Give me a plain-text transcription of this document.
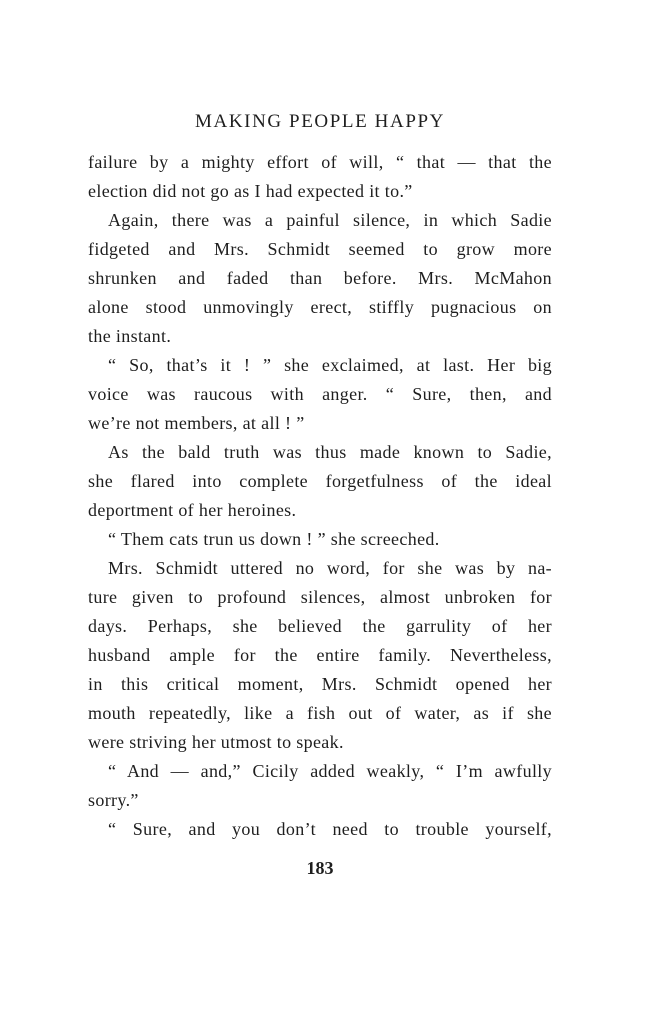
MAKING PEOPLE HAPPY
failure by a mighty effort of will, “ that — that the
election did not go as I had expected it to.”
Again, there was a painful silence, in which Sadie
fidgeted and Mrs. Schmidt seemed to grow more
shrunken and faded than before. Mrs. McMahon
alone stood unmovingly erect, stiffly pugnacious on
the instant.
“ So, that’s it ! ” she exclaimed, at last. Her big
voice was raucous with anger. “ Sure, then, and
we’re not members, at all ! ”
As the bald truth was thus made known to Sadie,
she flared into complete forgetfulness of the ideal
deportment of her heroines.
“ Them cats trun us down ! ” she screeched.
Mrs. Schmidt uttered no word, for she was by na-
ture given to profound silences, almost unbroken for
days. Perhaps, she believed the garrulity of her
husband ample for the entire family. Nevertheless,
in this critical moment, Mrs. Schmidt opened her
mouth repeatedly, like a fish out of water, as if she
were striving her utmost to speak.
“ And — and,” Cicily added weakly, “ I’m awfully
sorry.”
“ Sure, and you don’t need to trouble yourself,
183
